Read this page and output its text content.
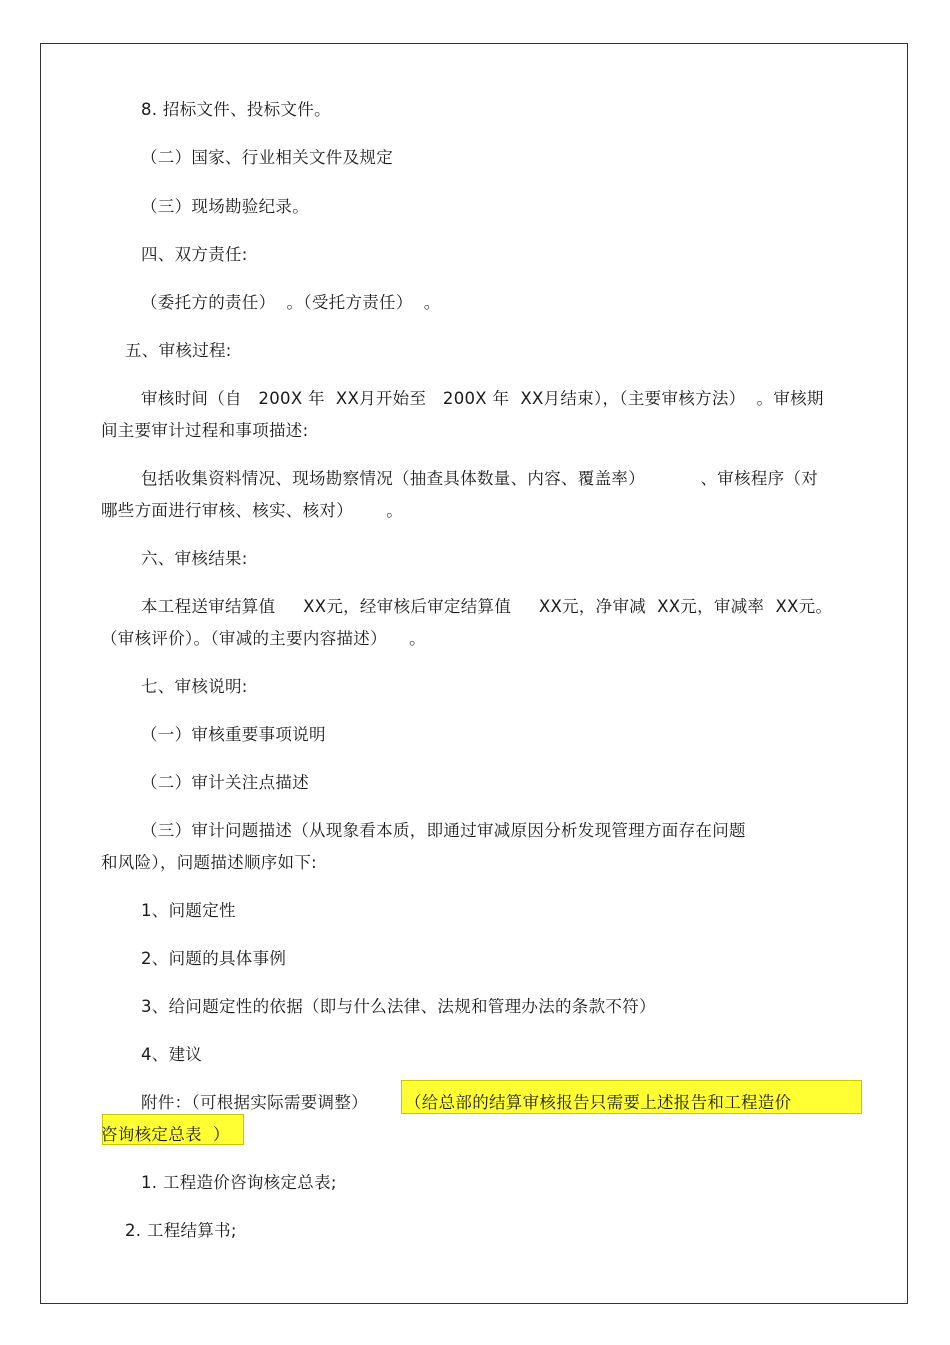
8. 招标文件、投标文件。
（二）国家、行业相关文件及规定
（三）现场勘验纪录。
四、双方责任:
（委托方的责任）  。（受托方责任）  。
五、审核过程:
审核时间（自   200X 年  XX月开始至   200X 年  XX月结束），（主要审核方法）  。审核期
间主要审计过程和事项描述:
包括收集资料情况、现场勘察情况（抽查具体数量、内容、覆盖率）          、审核程序（对
哪些方面进行审核、核实、核对）      。
六、审核结果:
本工程送审结算值     XX元，经审核后审定结算值     XX元，净审减  XX元，审减率  XX元。
（审核评价）。（审减的主要内容描述）    。
七、审核说明:
（一）审核重要事项说明
（二）审计关注点描述
（三）审计问题描述（从现象看本质，即通过审减原因分析发现管理方面存在问题
和风险），问题描述顺序如下:
1、问题定性
2、问题的具体事例
3、给问题定性的依据（即与什么法律、法规和管理办法的条款不符）
4、建议
附件：（可根据实际需要调整） （给总部的结算审核报告只需要上述报告和工程造价
咨询核定总表  ）
1. 工程造价咨询核定总表;
2. 工程结算书;
